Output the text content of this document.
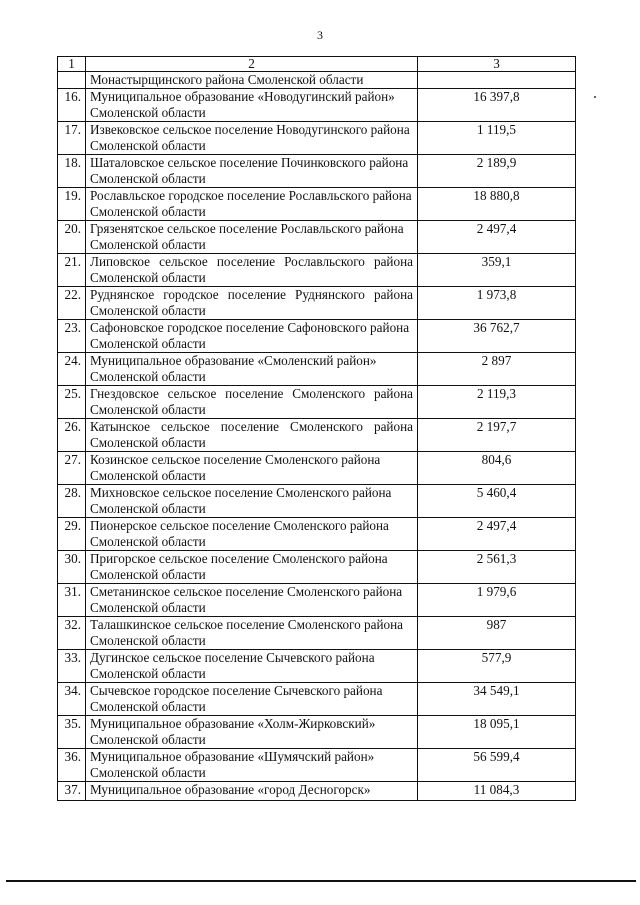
3
1	2	3
	Монастырщинского района Смоленской области	
16.	Муниципальное образование «Новодугинский район» Смоленской области	16 397,8
17.	Извековское сельское поселение Новодугинского района Смоленской области	1 119,5
18.	Шаталовское сельское поселение Починковского района Смоленской области	2 189,9
19.	Рославльское городское поселение Рославльского района Смоленской области	18 880,8
20.	Грязенятское сельское поселение Рославльского района Смоленской области	2 497,4
21.	Липовское сельское поселение Рославльского района Смоленской области	359,1
22.	Руднянское городское поселение Руднянского района Смоленской области	1 973,8
23.	Сафоновское городское поселение Сафоновского района Смоленской области	36 762,7
24.	Муниципальное образование «Смоленский район» Смоленской области	2 897
25.	Гнездовское сельское поселение Смоленского района Смоленской области	2 119,3
26.	Катынское сельское поселение Смоленского района Смоленской области	2 197,7
27.	Козинское сельское поселение Смоленского района Смоленской области	804,6
28.	Михновское сельское поселение Смоленского района Смоленской области	5 460,4
29.	Пионерское сельское поселение Смоленского района Смоленской области	2 497,4
30.	Пригорское сельское поселение Смоленского района Смоленской области	2 561,3
31.	Сметанинское сельское поселение Смоленского района Смоленской области	1 979,6
32.	Талашкинское сельское поселение Смоленского района Смоленской области	987
33.	Дугинское сельское поселение Сычевского района Смоленской области	577,9
34.	Сычевское городское поселение Сычевского района Смоленской области	34 549,1
35.	Муниципальное образование «Холм-Жирковский» Смоленской области	18 095,1
36.	Муниципальное образование «Шумячский район» Смоленской области	56 599,4
37.	Муниципальное образование «город Десногорск»	11 084,3
